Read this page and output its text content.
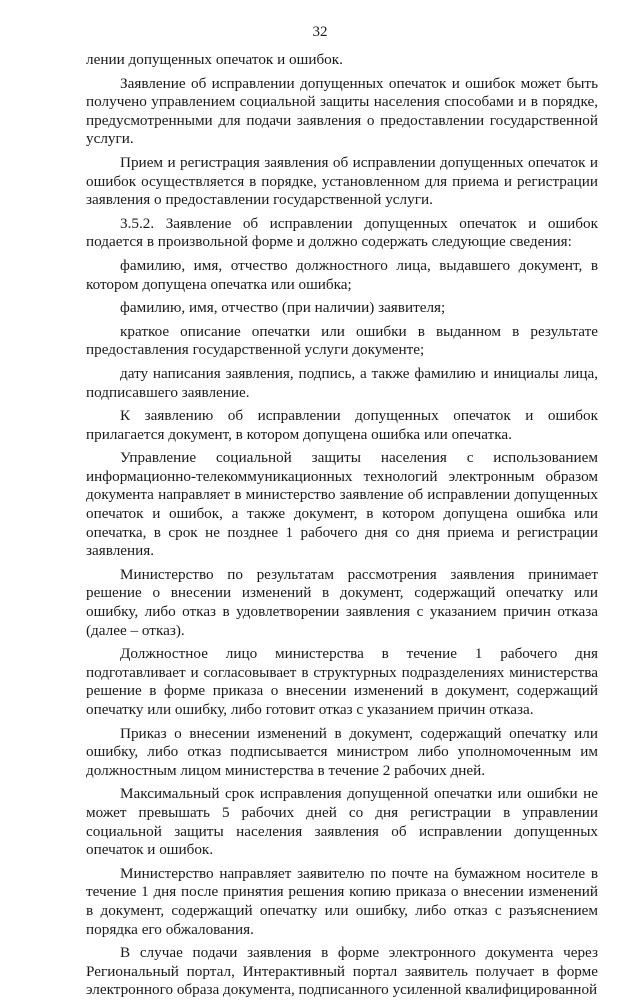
32

лении допущенных опечаток и ошибок.

Заявление об исправлении допущенных опечаток и ошибок может быть получено управлением социальной защиты населения способами и в порядке, предусмотренными для подачи заявления о предоставлении государственной услуги.

Прием и регистрация заявления об исправлении допущенных опечаток и ошибок осуществляется в порядке, установленном для приема и регистрации заявления о предоставлении государственной услуги.

3.5.2. Заявление об исправлении допущенных опечаток и ошибок подается в произвольной форме и должно содержать следующие сведения:

фамилию, имя, отчество должностного лица, выдавшего документ, в котором допущена опечатка или ошибка;

фамилию, имя, отчество (при наличии) заявителя;

краткое описание опечатки или ошибки в выданном в результате предоставления государственной услуги документе;

дату написания заявления, подпись, а также фамилию и инициалы лица, подписавшего заявление.

К заявлению об исправлении допущенных опечаток и ошибок прилагается документ, в котором допущена ошибка или опечатка.

Управление социальной защиты населения с использованием информационно-телекоммуникационных технологий электронным образом документа направляет в министерство заявление об исправлении допущенных опечаток и ошибок, а также документ, в котором допущена ошибка или опечатка, в срок не позднее 1 рабочего дня со дня приема и регистрации заявления.

Министерство по результатам рассмотрения заявления принимает решение о внесении изменений в документ, содержащий опечатку или ошибку, либо отказ в удовлетворении заявления с указанием причин отказа (далее – отказ).

Должностное лицо министерства в течение 1 рабочего дня подготавливает и согласовывает в структурных подразделениях министерства решение в форме приказа о внесении изменений в документ, содержащий опечатку или ошибку, либо готовит отказ с указанием причин отказа.

Приказ о внесении изменений в документ, содержащий опечатку или ошибку, либо отказ подписывается министром либо уполномоченным им должностным лицом министерства в течение 2 рабочих дней.

Максимальный срок исправления допущенной опечатки или ошибки не может превышать 5 рабочих дней со дня регистрации в управлении социальной защиты населения заявления об исправлении допущенных опечаток и ошибок.

Министерство направляет заявителю по почте на бумажном носителе в течение 1 дня после принятия решения копию приказа о внесении изменений в документ, содержащий опечатку или ошибку, либо отказ с разъяснением порядка его обжалования.

В случае подачи заявления в форме электронного документа через Региональный портал, Интерактивный портал заявитель получает в форме электронного образа документа, подписанного усиленной квалифицированной
